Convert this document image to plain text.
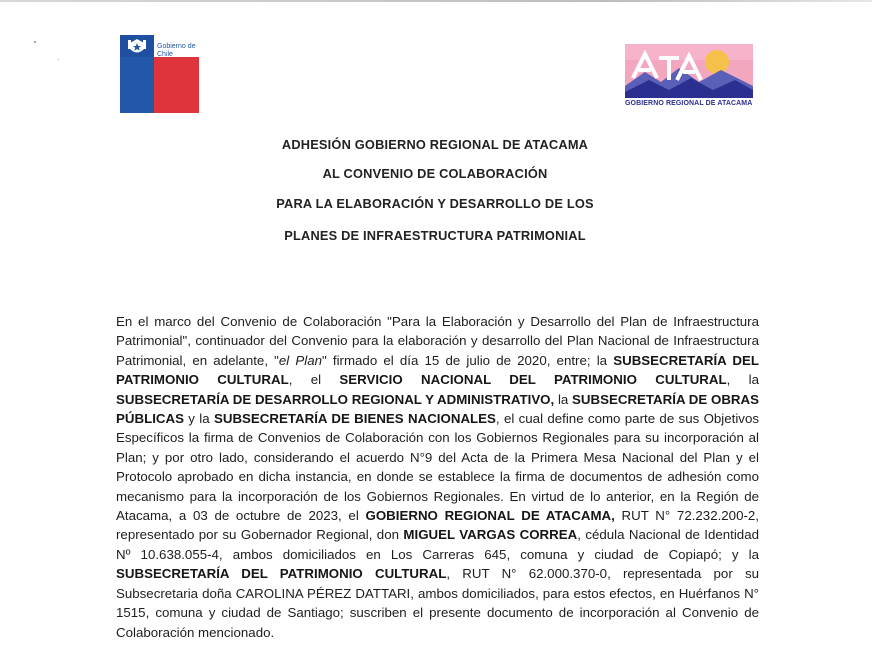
Gobierno de Chile
GOBIERNO REGIONAL DE ATACAMA
ADHESIÓN GOBIERNO REGIONAL DE ATACAMA
AL CONVENIO DE COLABORACIÓN
PARA LA ELABORACIÓN Y DESARROLLO DE LOS
PLANES DE INFRAESTRUCTURA PATRIMONIAL
En el marco del Convenio de Colaboración "Para la Elaboración y Desarrollo del Plan de Infraestructura Patrimonial", continuador del Convenio para la elaboración y desarrollo del Plan Nacional de Infraestructura Patrimonial, en adelante, "el Plan" firmado el día 15 de julio de 2020, entre; la SUBSECRETARÍA DEL PATRIMONIO CULTURAL, el SERVICIO NACIONAL DEL PATRIMONIO CULTURAL, la SUBSECRETARÍA DE DESARROLLO REGIONAL Y ADMINISTRATIVO, la SUBSECRETARÍA DE OBRAS PÚBLICAS y la SUBSECRETARÍA DE BIENES NACIONALES, el cual define como parte de sus Objetivos Específicos la firma de Convenios de Colaboración con los Gobiernos Regionales para su incorporación al Plan; y por otro lado, considerando el acuerdo N°9 del Acta de la Primera Mesa Nacional del Plan y el Protocolo aprobado en dicha instancia, en donde se establece la firma de documentos de adhesión como mecanismo para la incorporación de los Gobiernos Regionales. En virtud de lo anterior, en la Región de Atacama, a 03 de octubre de 2023, el GOBIERNO REGIONAL DE ATACAMA, RUT N° 72.232.200-2, representado por su Gobernador Regional, don MIGUEL VARGAS CORREA, cédula Nacional de Identidad Nº 10.638.055-4, ambos domiciliados en Los Carreras 645, comuna y ciudad de Copiapó; y la SUBSECRETARÍA DEL PATRIMONIO CULTURAL, RUT N° 62.000.370-0, representada por su Subsecretaria doña CAROLINA PÉREZ DATTARI, ambos domiciliados, para estos efectos, en Huérfanos N° 1515, comuna y ciudad de Santiago; suscriben el presente documento de incorporación al Convenio de Colaboración mencionado.
